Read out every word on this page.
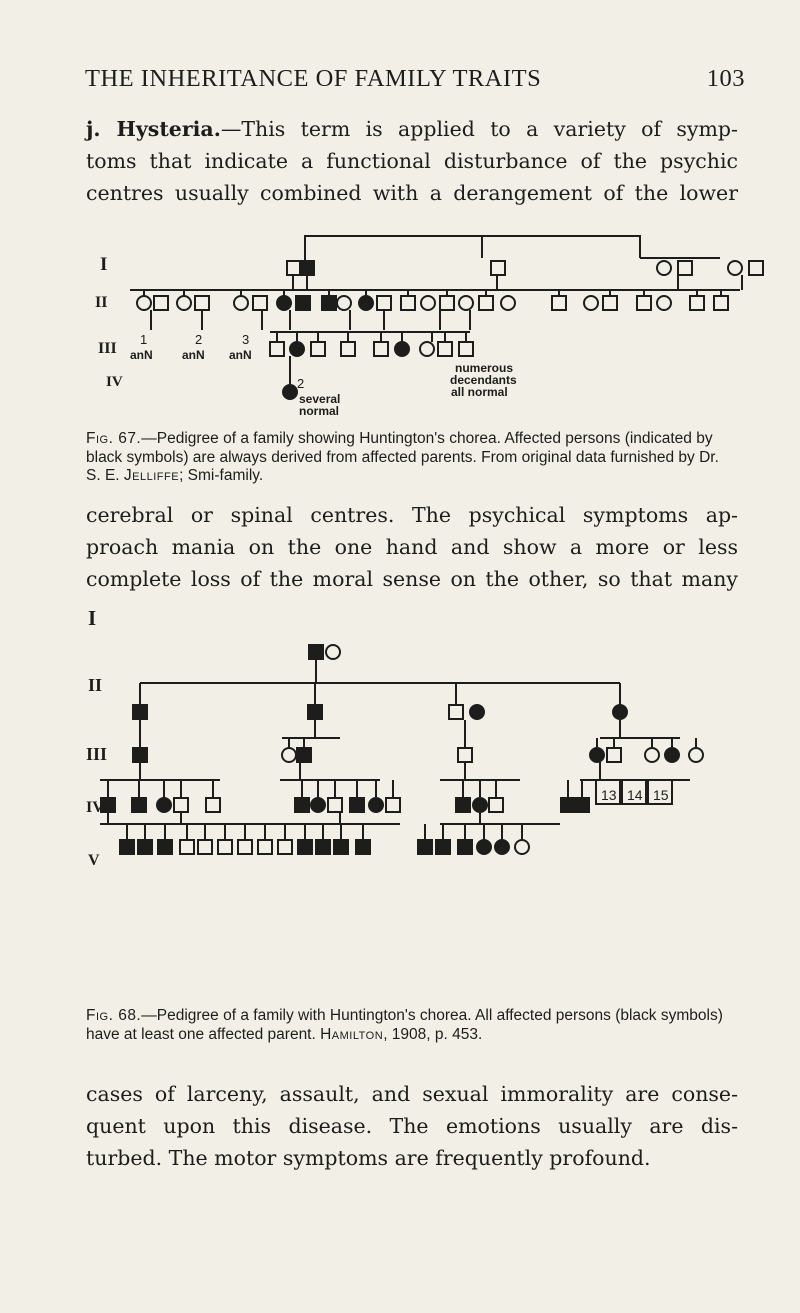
THE INHERITANCE OF FAMILY TRAITS	103

j. Hysteria.—This term is applied to a variety of symp-

toms that indicate a functional disturbance of the psychic

centres usually combined with a derangement of the lower

I
II
III
IV
1	2	3
anN anN anN
2
several
normal
numerous
decendants
all normal

Fig. 67.—Pedigree of a family showing Huntington's chorea. Affected persons (indicated by black symbols) are always derived from affected parents. From original data furnished by Dr. S. E. Jelliffe; Smi-family.

cerebral or spinal centres. The psychical symptoms ap-

proach mania on the one hand and show a more or less

complete loss of the moral sense on the other, so that many

I
II
III
IV
V
13 14 15

Fig. 68.—Pedigree of a family with Huntington's chorea. All affected persons (black symbols) have at least one affected parent. Hamilton, 1908, p. 453.

cases of larceny, assault, and sexual immorality are conse-

quent upon this disease. The emotions usually are dis-

turbed. The motor symptoms are frequently profound.
